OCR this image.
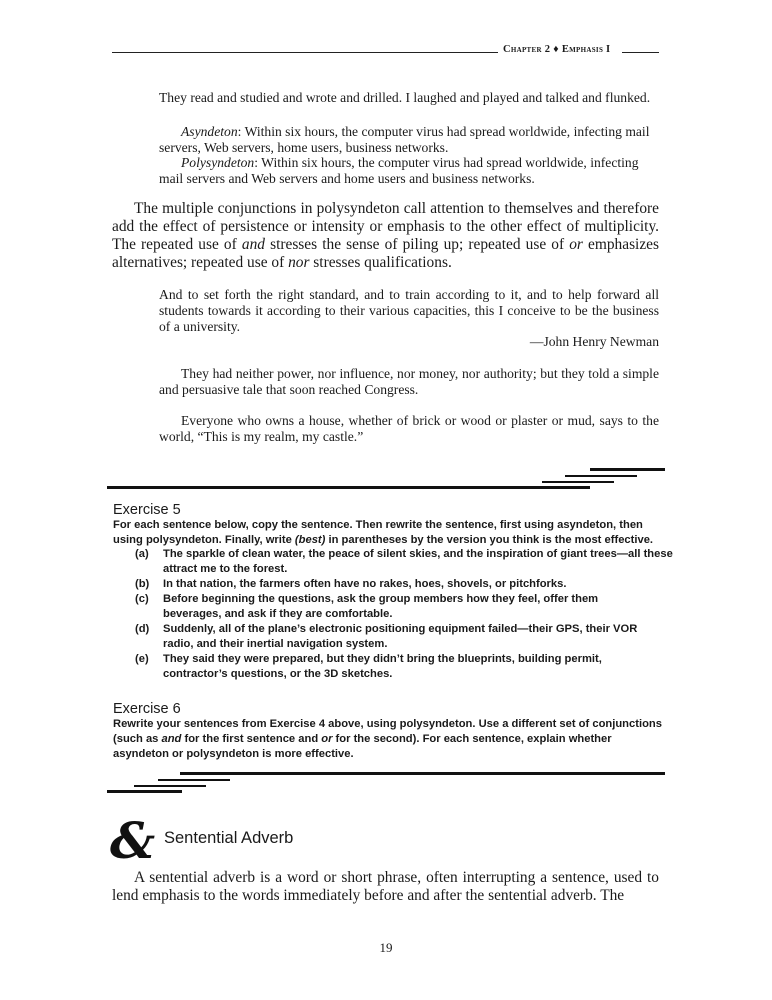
Chapter 2 ♦ Emphasis I
They read and studied and wrote and drilled. I laughed and played and talked and flunked.
Asyndeton: Within six hours, the computer virus had spread worldwide, infecting mail
servers, Web servers, home users, business networks.
Polysyndeton: Within six hours, the computer virus had spread worldwide, infecting
mail servers and Web servers and home users and business networks.
The multiple conjunctions in polysyndeton call attention to themselves and therefore add the effect of persistence or intensity or emphasis to the other effect of multiplicity. The repeated use of and stresses the sense of piling up; repeated use of or emphasizes alternatives; repeated use of nor stresses qualifications.
And to set forth the right standard, and to train according to it, and to help forward all students towards it according to their various capacities, this I conceive to be the business of a university.
—John Henry Newman
They had neither power, nor influence, nor money, nor authority; but they told a simple and persuasive tale that soon reached Congress.
Everyone who owns a house, whether of brick or wood or plaster or mud, says to the world, “This is my realm, my castle.”
Exercise 5
For each sentence below, copy the sentence. Then rewrite the sentence, first using asyndeton, then using polysyndeton. Finally, write (best) in parentheses by the version you think is the most effective.
(a) The sparkle of clean water, the peace of silent skies, and the inspiration of giant trees—all these attract me to the forest.
(b) In that nation, the farmers often have no rakes, hoes, shovels, or pitchforks.
(c) Before beginning the questions, ask the group members how they feel, offer them beverages, and ask if they are comfortable.
(d) Suddenly, all of the plane’s electronic positioning equipment failed—their GPS, their VOR radio, and their inertial navigation system.
(e) They said they were prepared, but they didn’t bring the blueprints, building permit, contractor’s questions, or the 3D sketches.
Exercise 6
Rewrite your sentences from Exercise 4 above, using polysyndeton. Use a different set of conjunctions (such as and for the first sentence and or for the second). For each sentence, explain whether asyndeton or polysyndeton is more effective.
& Sentential Adverb
A sentential adverb is a word or short phrase, often interrupting a sentence, used to lend emphasis to the words immediately before and after the sentential adverb. The
19
